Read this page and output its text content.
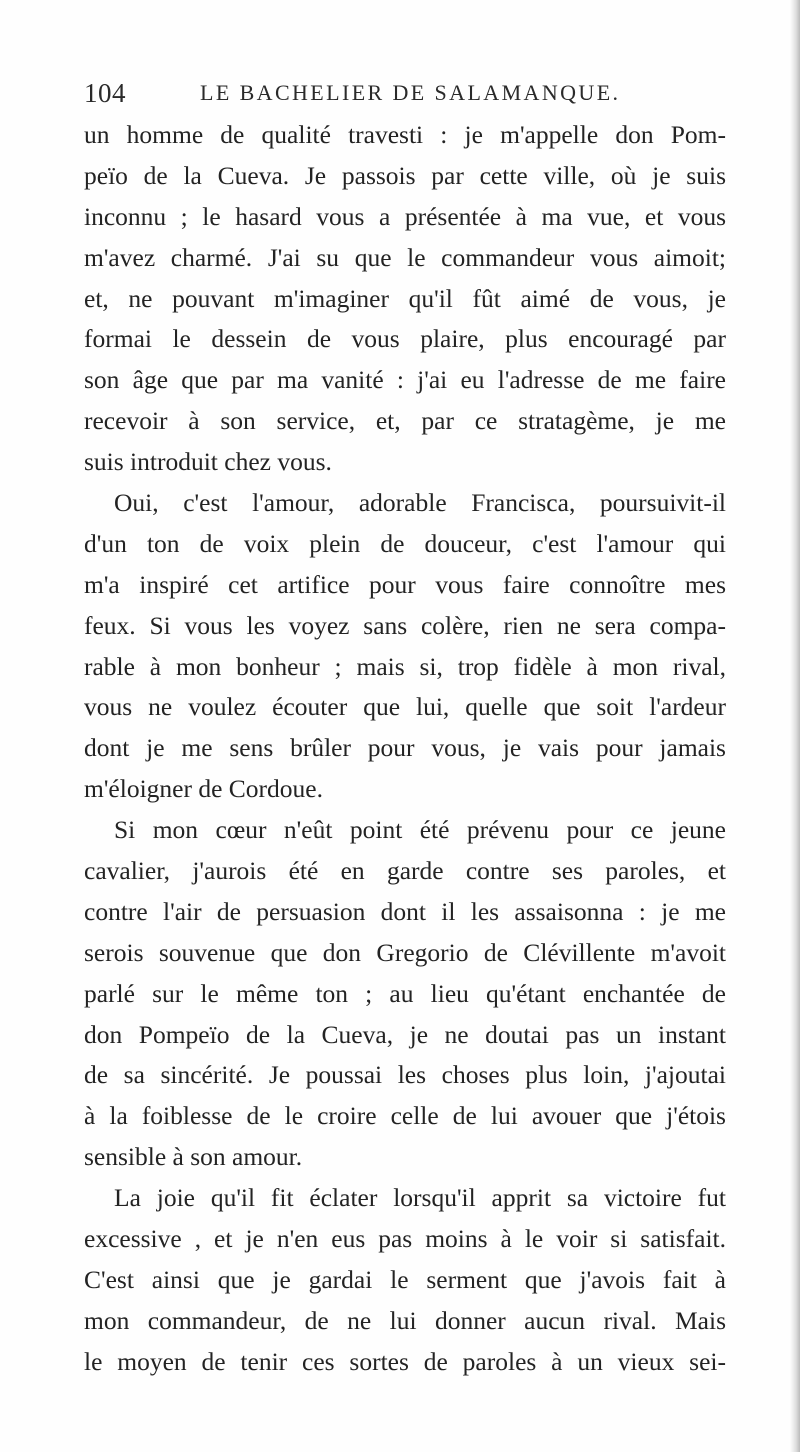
104	LE BACHELIER DE SALAMANQUE.
un homme de qualité travesti : je m'appelle don Pom-
peïo de la Cueva. Je passois par cette ville, où je suis
inconnu ; le hasard vous a présentée à ma vue, et vous
m'avez charmé. J'ai su que le commandeur vous aimoit;
et, ne pouvant m'imaginer qu'il fût aimé de vous, je
formai le dessein de vous plaire, plus encouragé par
son âge que par ma vanité : j'ai eu l'adresse de me faire
recevoir à son service, et, par ce stratagème, je me
suis introduit chez vous.
Oui, c'est l'amour, adorable Francisca, poursuivit-il
d'un ton de voix plein de douceur, c'est l'amour qui
m'a inspiré cet artifice pour vous faire connoître mes
feux. Si vous les voyez sans colère, rien ne sera compa-
rable à mon bonheur ; mais si, trop fidèle à mon rival,
vous ne voulez écouter que lui, quelle que soit l'ardeur
dont je me sens brûler pour vous, je vais pour jamais
m'éloigner de Cordoue.
Si mon cœur n'eût point été prévenu pour ce jeune
cavalier, j'aurois été en garde contre ses paroles, et
contre l'air de persuasion dont il les assaisonna : je me
serois souvenue que don Gregorio de Clévillente m'avoit
parlé sur le même ton ; au lieu qu'étant enchantée de
don Pompeïo de la Cueva, je ne doutai pas un instant
de sa sincérité. Je poussai les choses plus loin, j'ajoutai
à la foiblesse de le croire celle de lui avouer que j'étois
sensible à son amour.
La joie qu'il fit éclater lorsqu'il apprit sa victoire fut
excessive , et je n'en eus pas moins à le voir si satisfait.
C'est ainsi que je gardai le serment que j'avois fait à
mon commandeur, de ne lui donner aucun rival. Mais
le moyen de tenir ces sortes de paroles à un vieux sei-
